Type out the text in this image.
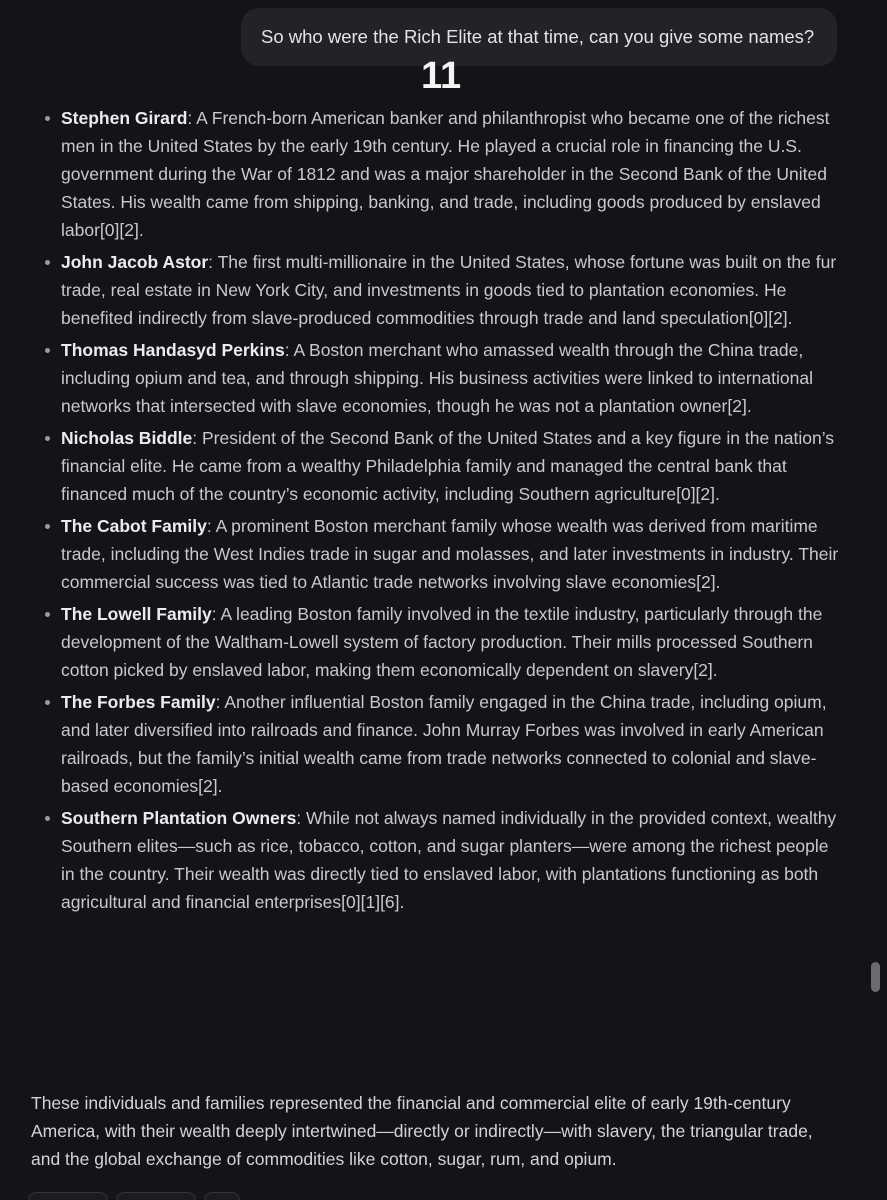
So who were the Rich Elite at that time, can you give some names?
11
Stephen Girard: A French-born American banker and philanthropist who became one of the richest men in the United States by the early 19th century. He played a crucial role in financing the U.S. government during the War of 1812 and was a major shareholder in the Second Bank of the United States. His wealth came from shipping, banking, and trade, including goods produced by enslaved labor[0][2].
John Jacob Astor: The first multi-millionaire in the United States, whose fortune was built on the fur trade, real estate in New York City, and investments in goods tied to plantation economies. He benefited indirectly from slave-produced commodities through trade and land speculation[0][2].
Thomas Handasyd Perkins: A Boston merchant who amassed wealth through the China trade, including opium and tea, and through shipping. His business activities were linked to international networks that intersected with slave economies, though he was not a plantation owner[2].
Nicholas Biddle: President of the Second Bank of the United States and a key figure in the nation’s financial elite. He came from a wealthy Philadelphia family and managed the central bank that financed much of the country’s economic activity, including Southern agriculture[0][2].
The Cabot Family: A prominent Boston merchant family whose wealth was derived from maritime trade, including the West Indies trade in sugar and molasses, and later investments in industry. Their commercial success was tied to Atlantic trade networks involving slave economies[2].
The Lowell Family: A leading Boston family involved in the textile industry, particularly through the development of the Waltham-Lowell system of factory production. Their mills processed Southern cotton picked by enslaved labor, making them economically dependent on slavery[2].
The Forbes Family: Another influential Boston family engaged in the China trade, including opium, and later diversified into railroads and finance. John Murray Forbes was involved in early American railroads, but the family’s initial wealth came from trade networks connected to colonial and slave-based economies[2].
Southern Plantation Owners: While not always named individually in the provided context, wealthy Southern elites—such as rice, tobacco, cotton, and sugar planters—were among the richest people in the country. Their wealth was directly tied to enslaved labor, with plantations functioning as both agricultural and financial enterprises[0][1][6].
These individuals and families represented the financial and commercial elite of early 19th-century America, with their wealth deeply intertwined—directly or indirectly—with slavery, the triangular trade, and the global exchange of commodities like cotton, sugar, rum, and opium.
